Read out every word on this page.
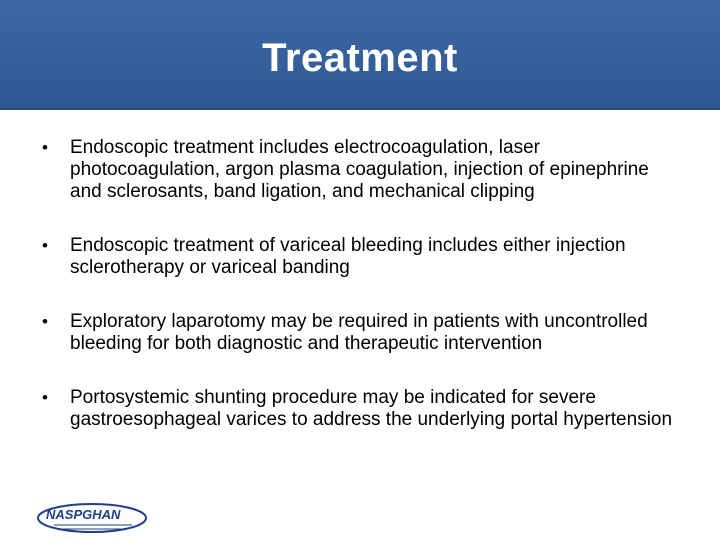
Treatment
•	Endoscopic treatment includes electrocoagulation, laser photocoagulation, argon plasma coagulation, injection of epinephrine and sclerosants, band ligation, and mechanical clipping
•	Endoscopic treatment of variceal bleeding includes either injection sclerotherapy or variceal banding
•	Exploratory laparotomy may be required in patients with uncontrolled bleeding for both diagnostic and therapeutic intervention
•	Portosystemic shunting procedure may be indicated for severe gastroesophageal varices to address the underlying portal hypertension
NASPGHAN
